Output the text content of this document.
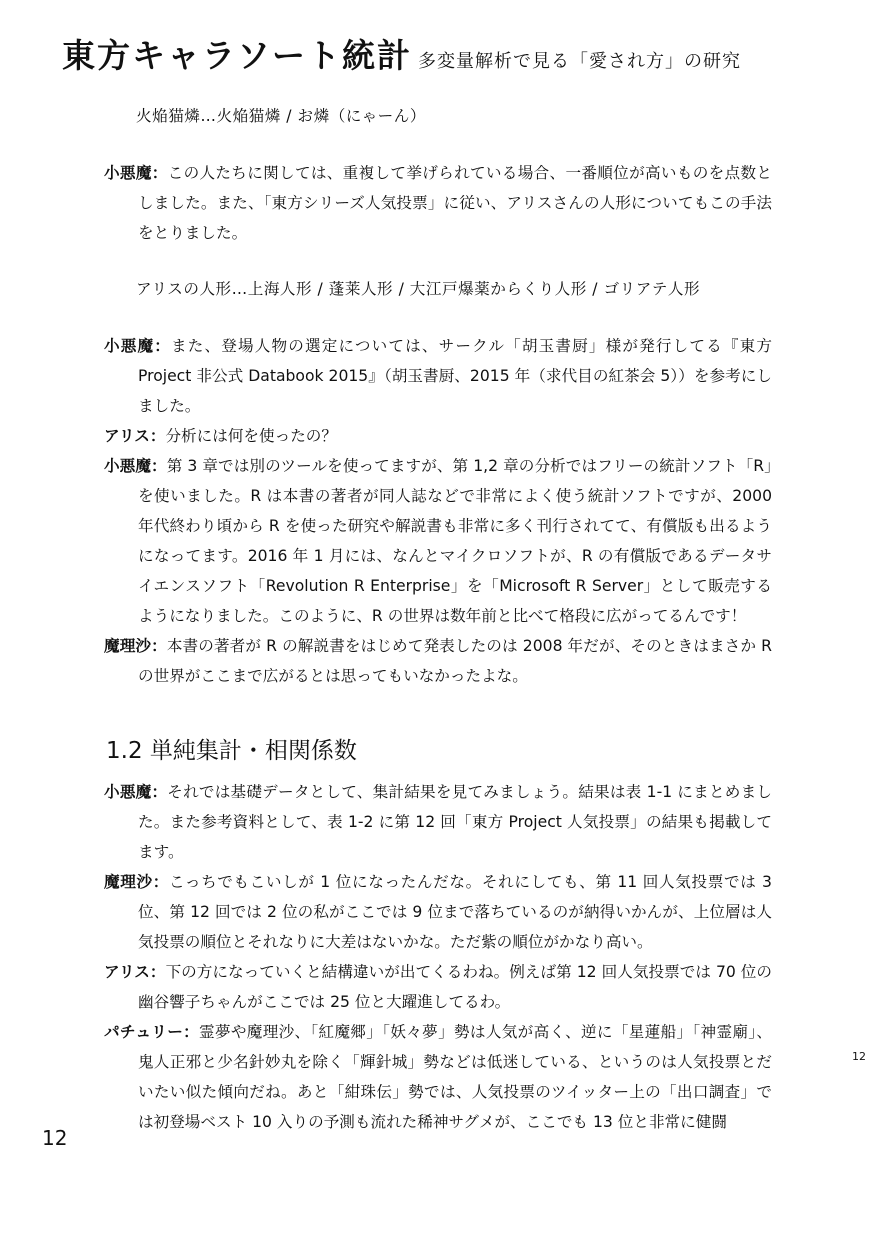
東方キャラソート統計 多変量解析で見る「愛され方」の研究
火焔猫燐…火焔猫燐 / お燐（にゃーん）
小悪魔：この人たちに関しては、重複して挙げられている場合、一番順位が高いものを点数としました。また、「東方シリーズ人気投票」に従い、アリスさんの人形についてもこの手法をとりました。
アリスの人形…上海人形 / 蓬莱人形 / 大江戸爆薬からくり人形 / ゴリアテ人形
小悪魔：また、登場人物の選定については、サークル「胡玉書厨」様が発行してる『東方 Project 非公式 Databook 2015』（胡玉書厨、2015 年（求代目の紅茶会 5））を参考にしました。
アリス：分析には何を使ったの？
小悪魔：第 3 章では別のツールを使ってますが、第 1,2 章の分析ではフリーの統計ソフト「R」を使いました。R は本書の著者が同人誌などで非常によく使う統計ソフトですが、2000 年代終わり頃から R を使った研究や解説書も非常に多く刊行されてて、有償版も出るようになってます。2016 年 1 月には、なんとマイクロソフトが、R の有償版であるデータサイエンスソフト「Revolution R Enterprise」を「Microsoft R Server」として販売するようになりました。このように、R の世界は数年前と比べて格段に広がってるんです！
魔理沙：本書の著者が R の解説書をはじめて発表したのは 2008 年だが、そのときはまさか R の世界がここまで広がるとは思ってもいなかったよな。
1.2 単純集計・相関係数
小悪魔：それでは基礎データとして、集計結果を見てみましょう。結果は表 1-1 にまとめました。また参考資料として、表 1-2 に第 12 回「東方 Project 人気投票」の結果も掲載してます。
魔理沙：こっちでもこいしが 1 位になったんだな。それにしても、第 11 回人気投票では 3 位、第 12 回では 2 位の私がここでは 9 位まで落ちているのが納得いかんが、上位層は人気投票の順位とそれなりに大差はないかな。ただ紫の順位がかなり高い。
アリス：下の方になっていくと結構違いが出てくるわね。例えば第 12 回人気投票では 70 位の幽谷響子ちゃんがここでは 25 位と大躍進してるわ。
パチュリー：霊夢や魔理沙、「紅魔郷」「妖々夢」勢は人気が高く、逆に「星蓮船」「神霊廟」、鬼人正邪と少名針妙丸を除く「輝針城」勢などは低迷している、というのは人気投票とだいたい似た傾向だね。あと「紺珠伝」勢では、人気投票のツイッター上の「出口調査」では初登場ベスト 10 入りの予測も流れた稀神サグメが、ここでも 13 位と非常に健闘
12
12
